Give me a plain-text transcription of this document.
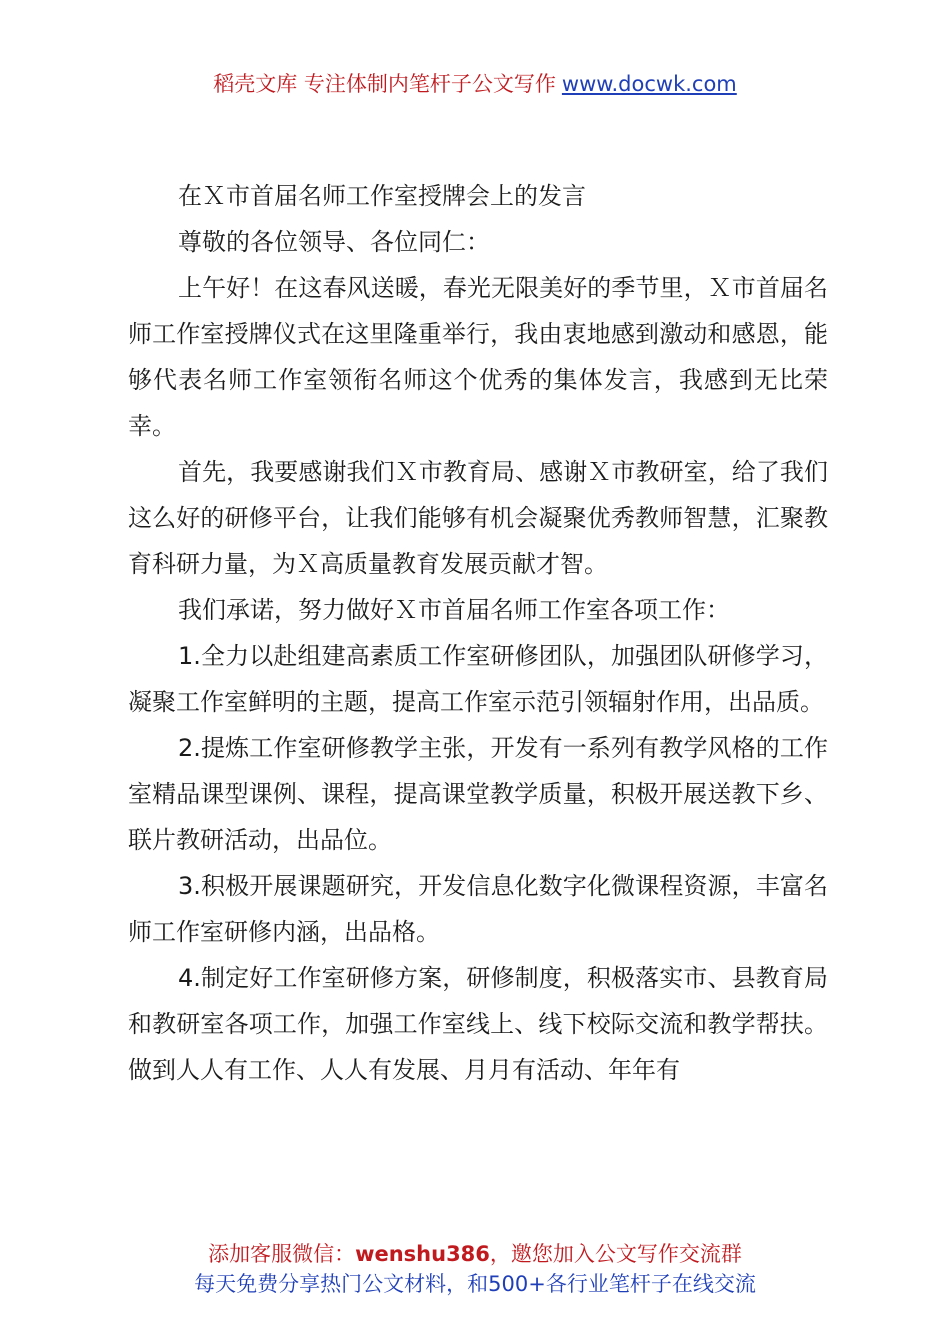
稻壳文库 专注体制内笔杆子公文写作 www.docwk.com

在Ｘ市首届名师工作室授牌会上的发言

尊敬的各位领导、各位同仁：

上午好！在这春风送暖，春光无限美好的季节里，Ｘ市首届名师工作室授牌仪式在这里隆重举行，我由衷地感到激动和感恩，能够代表名师工作室领衔名师这个优秀的集体发言，我感到无比荣幸。

首先，我要感谢我们Ｘ市教育局、感谢Ｘ市教研室，给了我们这么好的研修平台，让我们能够有机会凝聚优秀教师智慧，汇聚教育科研力量，为Ｘ高质量教育发展贡献才智。

我们承诺，努力做好Ｘ市首届名师工作室各项工作：

1.全力以赴组建高素质工作室研修团队，加强团队研修学习，凝聚工作室鲜明的主题，提高工作室示范引领辐射作用，出品质。

2.提炼工作室研修教学主张，开发有一系列有教学风格的工作室精品课型课例、课程，提高课堂教学质量，积极开展送教下乡、联片教研活动，出品位。

3.积极开展课题研究，开发信息化数字化微课程资源，丰富名师工作室研修内涵，出品格。

4.制定好工作室研修方案，研修制度，积极落实市、县教育局和教研室各项工作，加强工作室线上、线下校际交流和教学帮扶。做到人人有工作、人人有发展、月月有活动、年年有

添加客服微信：wenshu386，邀您加入公文写作交流群
每天免费分享热门公文材料，和500+各行业笔杆子在线交流
